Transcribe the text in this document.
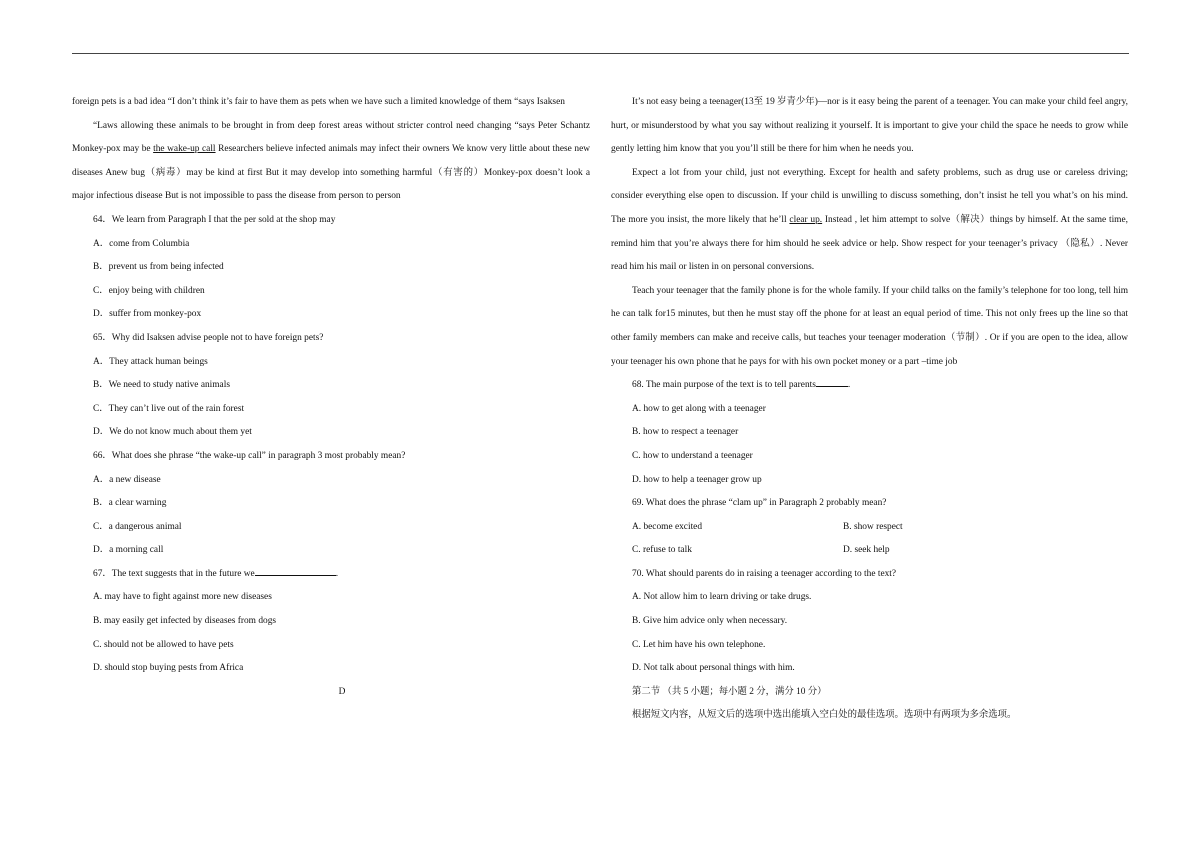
foreign pets is a bad idea “I don’t think it’s fair to have them as pets when we have such a limited knowledge of them “says Isaksen

“Laws allowing these animals to be brought in from deep forest areas without stricter control need changing “says Peter Schantz Monkey-pox may be the wake-up call Researchers believe infected animals may infect their owners We know very little about these new diseases Anew bug（病毒）may be kind at first But it may develop into something harmful（有害的）Monkey-pox doesn’t look a major infectious disease But is not impossible to pass the disease from person to person

64．We learn from Paragraph I that the per sold at the shop may

A．come from Columbia

B．prevent us from being infected

C．enjoy being with children

D．suffer from monkey-pox

65．Why did Isaksen advise people not to have foreign pets?

A．They attack human beings

B．We need to study native animals

C．They can’t live out of the rain forest

D．We do not know much about them yet

66．What does she phrase “the wake-up call” in paragraph 3 most probably mean?

A．a new disease

B．a clear warning

C．a dangerous animal

D．a morning call

67．The text suggests that in the future we	.

A. may have to fight against more new diseases

B. may easily get infected by diseases from dogs

C. should not be allowed to have pets

D. should stop buying pests from Africa

D

It’s not easy being a teenager(13至 19 岁青少年)—nor is it easy being the parent of a teenager. You can make your child feel angry, hurt, or misunderstood by what you say without realizing it yourself. It is important to give your child the space he needs to grow while gently letting him know that you you’ll still be there for him when he needs you.

Expect a lot from your child, just not everything. Except for health and safety problems, such as drug use or careless driving; consider everything else open to discussion. If your child is unwilling to discuss something, don’t insist he tell you what’s on his mind. The more you insist, the more likely that he’ll clear up. Instead , let him attempt to solve（解决）things by himself. At the same time, remind him that you’re always there for him should he seek advice or help. Show respect for your teenager’s privacy （隐私）. Never read him his mail or listen in on personal conversions.

Teach your teenager that the family phone is for the whole family. If your child talks on the family’s telephone for too long, tell him he can talk for15 minutes, but then he must stay off the phone for at least an equal period of time. This not only frees up the line so that other family members can make and receive calls, but teaches your teenager moderation（节制）. Or if you are open to the idea, allow your teenager his own phone that he pays for with his own pocket money or a part –time job

68. The main purpose of the text is to tell parents	.

A. how to get along with a teenager

B. how to respect a teenager

C. how to understand a teenager

D. how to help a teenager grow up

69. What does the phrase “clam up” in Paragraph 2 probably mean?

A. become excited	B. show respect
C. refuse to talk	D. seek help

70. What should parents do in raising a teenager according to the text?

A. Not allow him to learn driving or take drugs.

B. Give him advice only when necessary.

C. Let him have his own telephone.

D. Not talk about personal things with him.

第二节 （共 5 小题；每小题 2 分，满分 10 分）

根据短文内容，从短文后的选项中选出能填入空白处的最佳选项。选项中有两项为多余选项。
